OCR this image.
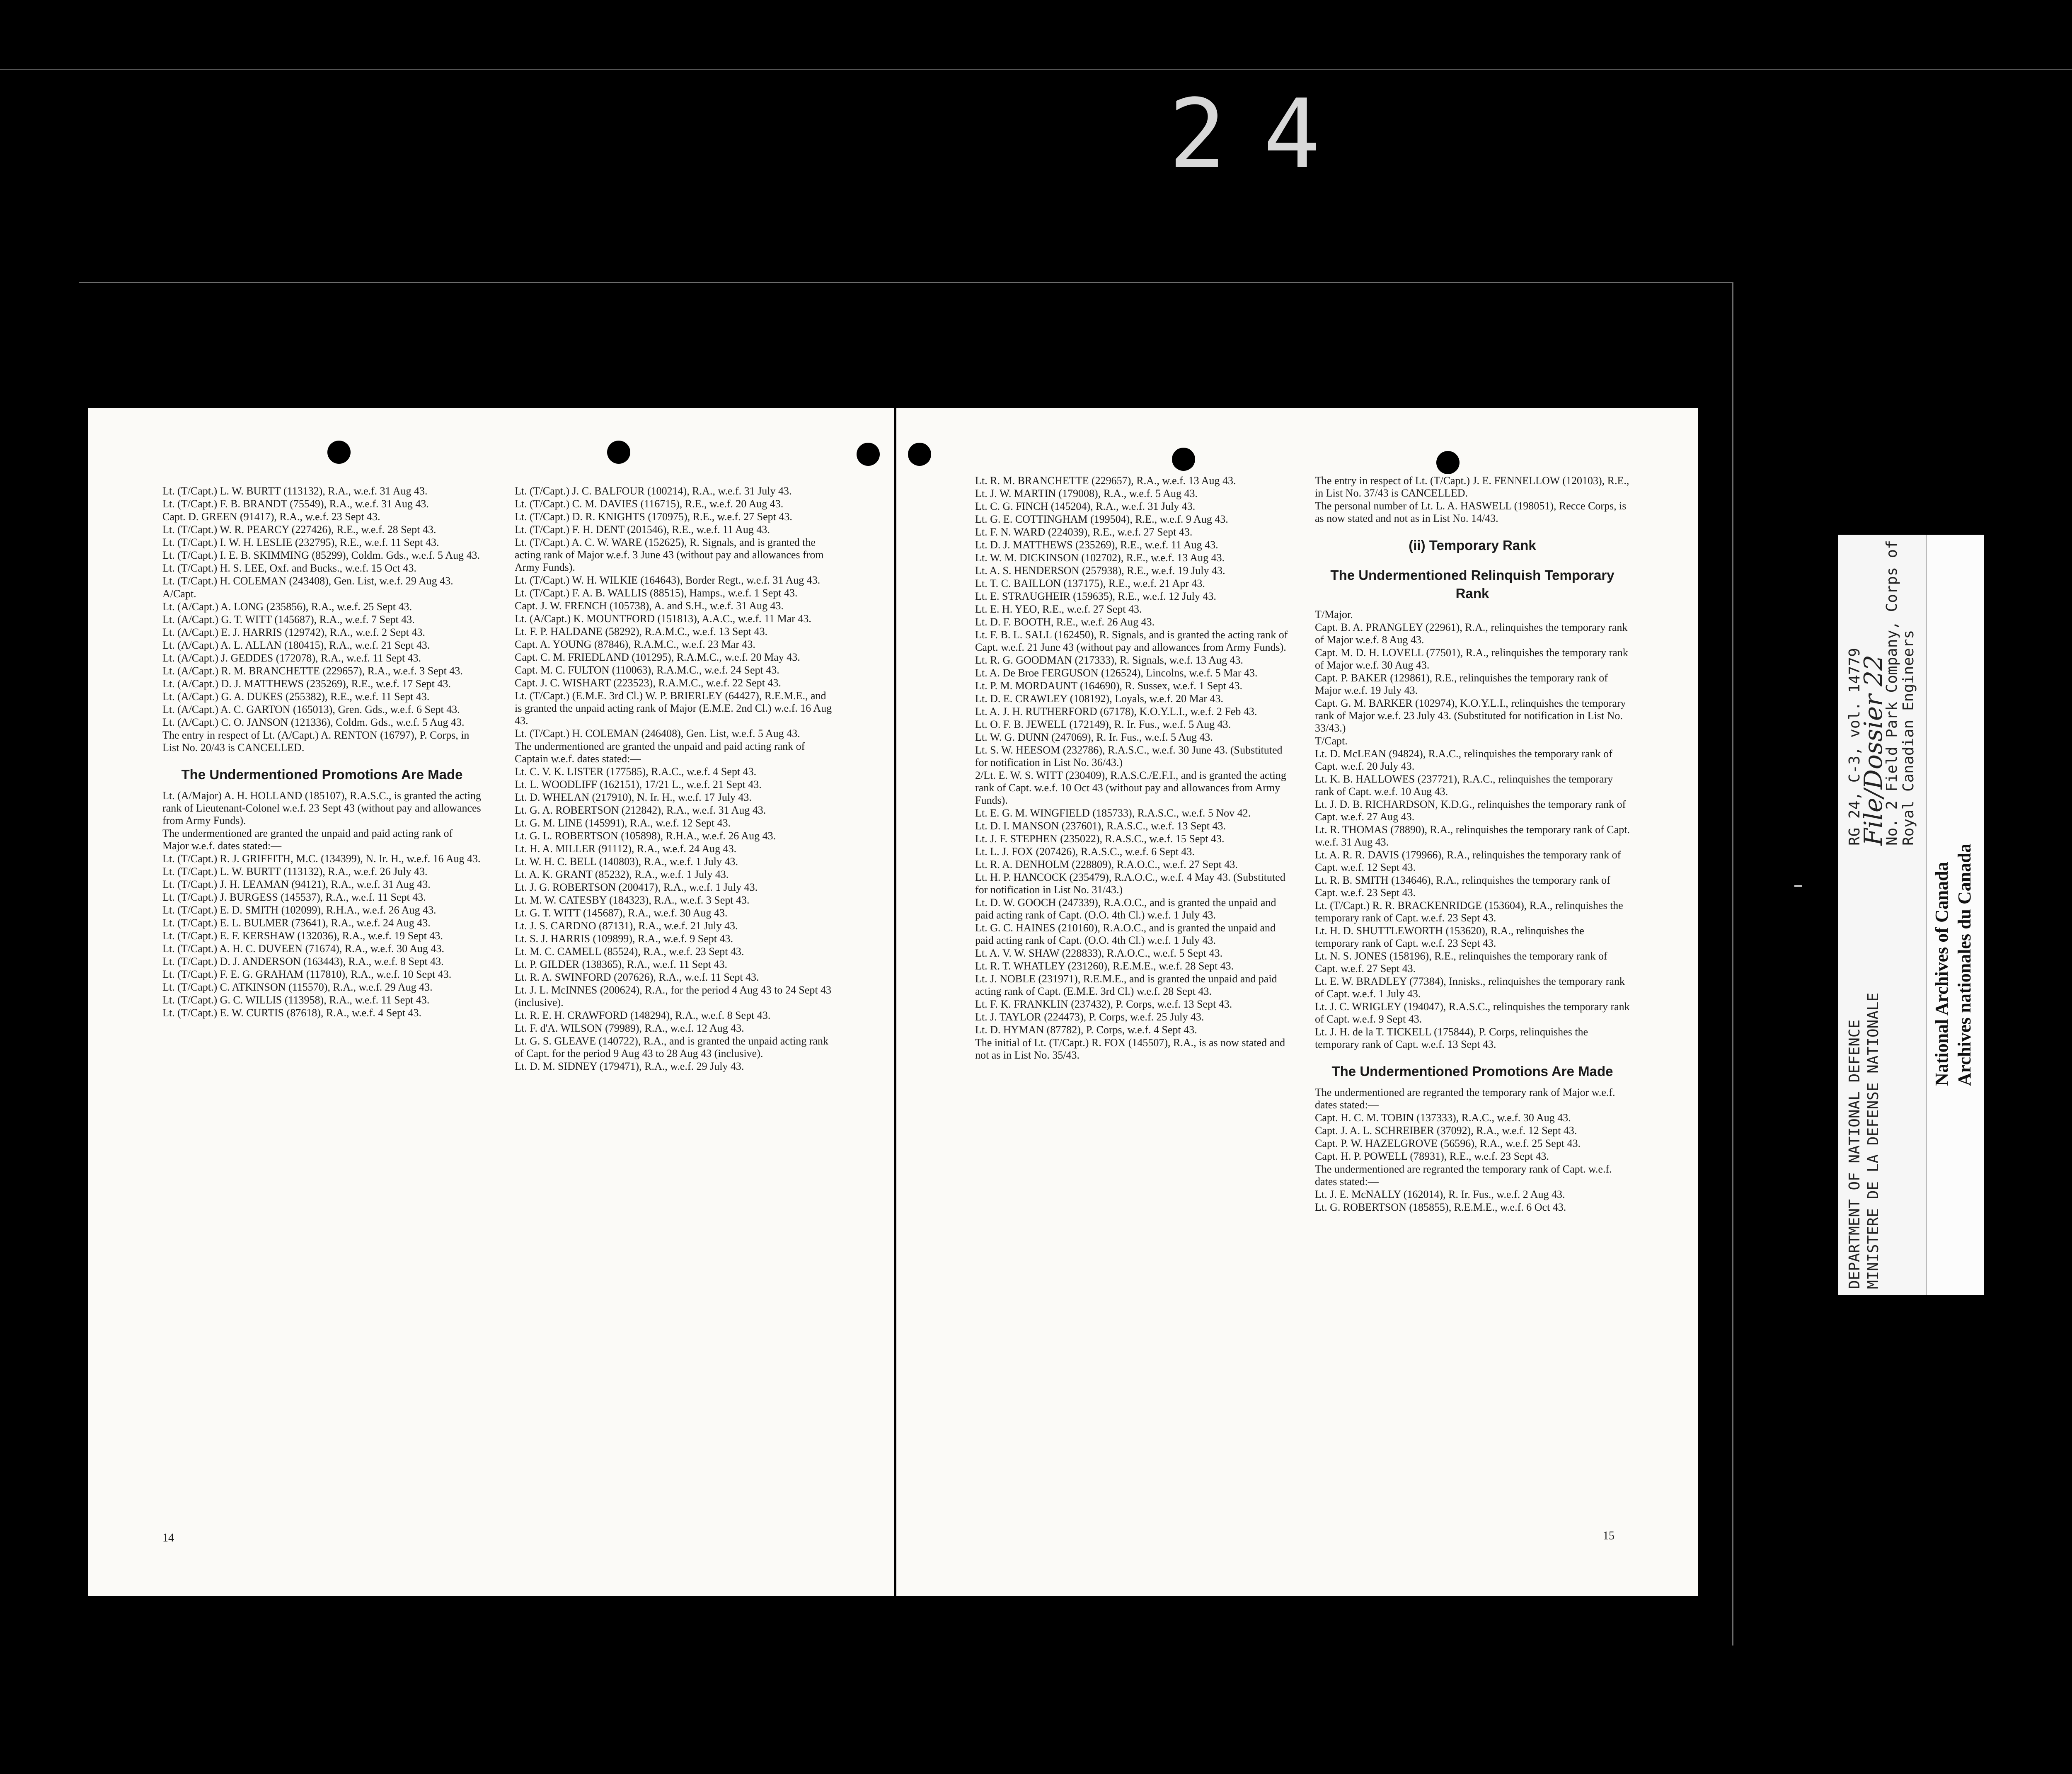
24
Lt. (T/Capt.) L. W. BURTT (113132), R.A., w.e.f. 31 Aug 43.
Lt. (T/Capt.) F. B. BRANDT (75549), R.A., w.e.f. 31 Aug 43.
Capt. D. GREEN (91417), R.A., w.e.f. 23 Sept 43.
Lt. (T/Capt.) W. R. PEARCY (227426), R.E., w.e.f. 28 Sept 43.
Lt. (T/Capt.) I. W. H. LESLIE (232795), R.E., w.e.f. 11 Sept 43.
Lt. (T/Capt.) I. E. B. SKIMMING (85299), Coldm. Gds., w.e.f. 5 Aug 43.
Lt. (T/Capt.) H. S. LEE, Oxf. and Bucks., w.e.f. 15 Oct 43.
Lt. (T/Capt.) H. COLEMAN (243408), Gen. List, w.e.f. 29 Aug 43.
A/Capt.
Lt. (A/Capt.) A. LONG (235856), R.A., w.e.f. 25 Sept 43.
Lt. (A/Capt.) G. T. WITT (145687), R.A., w.e.f. 7 Sept 43.
Lt. (A/Capt.) E. J. HARRIS (129742), R.A., w.e.f. 2 Sept 43.
Lt. (A/Capt.) A. L. ALLAN (180415), R.A., w.e.f. 21 Sept 43.
Lt. (A/Capt.) J. GEDDES (172078), R.A., w.e.f. 11 Sept 43.
Lt. (A/Capt.) R. M. BRANCHETTE (229657), R.A., w.e.f. 3 Sept 43.
Lt. (A/Capt.) D. J. MATTHEWS (235269), R.E., w.e.f. 17 Sept 43.
Lt. (A/Capt.) G. A. DUKES (255382), R.E., w.e.f. 11 Sept 43.
Lt. (A/Capt.) A. C. GARTON (165013), Gren. Gds., w.e.f. 6 Sept 43.
Lt. (A/Capt.) C. O. JANSON (121336), Coldm. Gds., w.e.f. 5 Aug 43.
The entry in respect of Lt. (A/Capt.) A. RENTON (16797), P. Corps, in List No. 20/43 is CANCELLED.
The Undermentioned Promotions Are Made
Lt. (A/Major) A. H. HOLLAND (185107), R.A.S.C., is granted the acting rank of Lieutenant-Colonel w.e.f. 23 Sept 43 (without pay and allowances from Army Funds).
The undermentioned are granted the unpaid and paid acting rank of Major w.e.f. dates stated:—
Lt. (T/Capt.) R. J. GRIFFITH, M.C. (134399), N. Ir. H., w.e.f. 16 Aug 43.
Lt. (T/Capt.) L. W. BURTT (113132), R.A., w.e.f. 26 July 43.
Lt. (T/Capt.) J. H. LEAMAN (94121), R.A., w.e.f. 31 Aug 43.
Lt. (T/Capt.) J. BURGESS (145537), R.A., w.e.f. 11 Sept 43.
Lt. (T/Capt.) E. D. SMITH (102099), R.H.A., w.e.f. 26 Aug 43.
Lt. (T/Capt.) E. L. BULMER (73641), R.A., w.e.f. 24 Aug 43.
Lt. (T/Capt.) E. F. KERSHAW (132036), R.A., w.e.f. 19 Sept 43.
Lt. (T/Capt.) A. H. C. DUVEEN (71674), R.A., w.e.f. 30 Aug 43.
Lt. (T/Capt.) D. J. ANDERSON (163443), R.A., w.e.f. 8 Sept 43.
Lt. (T/Capt.) F. E. G. GRAHAM (117810), R.A., w.e.f. 10 Sept 43.
Lt. (T/Capt.) C. ATKINSON (115570), R.A., w.e.f. 29 Aug 43.
Lt. (T/Capt.) G. C. WILLIS (113958), R.A., w.e.f. 11 Sept 43.
Lt. (T/Capt.) E. W. CURTIS (87618), R.A., w.e.f. 4 Sept 43.
Lt. (T/Capt.) J. C. BALFOUR (100214), R.A., w.e.f. 31 July 43.
Lt. (T/Capt.) C. M. DAVIES (116715), R.E., w.e.f. 20 Aug 43.
Lt. (T/Capt.) D. R. KNIGHTS (170975), R.E., w.e.f. 27 Sept 43.
Lt. (T/Capt.) F. H. DENT (201546), R.E., w.e.f. 11 Aug 43.
Lt. (T/Capt.) A. C. W. WARE (152625), R. Signals, and is granted the acting rank of Major w.e.f. 3 June 43 (without pay and allowances from Army Funds).
Lt. (T/Capt.) W. H. WILKIE (164643), Border Regt., w.e.f. 31 Aug 43.
Lt. (T/Capt.) F. A. B. WALLIS (88515), Hamps., w.e.f. 1 Sept 43.
Capt. J. W. FRENCH (105738), A. and S.H., w.e.f. 31 Aug 43.
Lt. (A/Capt.) K. MOUNTFORD (151813), A.A.C., w.e.f. 11 Mar 43.
Lt. F. P. HALDANE (58292), R.A.M.C., w.e.f. 13 Sept 43.
Capt. A. YOUNG (87846), R.A.M.C., w.e.f. 23 Mar 43.
Capt. C. M. FRIEDLAND (101295), R.A.M.C., w.e.f. 20 May 43.
Capt. M. C. FULTON (110063), R.A.M.C., w.e.f. 24 Sept 43.
Capt. J. C. WISHART (223523), R.A.M.C., w.e.f. 22 Sept 43.
Lt. (T/Capt.) (E.M.E. 3rd Cl.) W. P. BRIERLEY (64427), R.E.M.E., and is granted the unpaid acting rank of Major (E.M.E. 2nd Cl.) w.e.f. 16 Aug 43.
Lt. (T/Capt.) H. COLEMAN (246408), Gen. List, w.e.f. 5 Aug 43.
The undermentioned are granted the unpaid and paid acting rank of Captain w.e.f. dates stated:—
Lt. C. V. K. LISTER (177585), R.A.C., w.e.f. 4 Sept 43.
Lt. L. WOODLIFF (162151), 17/21 L., w.e.f. 21 Sept 43.
Lt. D. WHELAN (217910), N. Ir. H., w.e.f. 17 July 43.
Lt. G. A. ROBERTSON (212842), R.A., w.e.f. 31 Aug 43.
Lt. G. M. LINE (145991), R.A., w.e.f. 12 Sept 43.
Lt. G. L. ROBERTSON (105898), R.H.A., w.e.f. 26 Aug 43.
Lt. H. A. MILLER (91112), R.A., w.e.f. 24 Aug 43.
Lt. W. H. C. BELL (140803), R.A., w.e.f. 1 July 43.
Lt. A. K. GRANT (85232), R.A., w.e.f. 1 July 43.
Lt. J. G. ROBERTSON (200417), R.A., w.e.f. 1 July 43.
Lt. M. W. CATESBY (184323), R.A., w.e.f. 3 Sept 43.
Lt. G. T. WITT (145687), R.A., w.e.f. 30 Aug 43.
Lt. J. S. CARDNO (87131), R.A., w.e.f. 21 July 43.
Lt. S. J. HARRIS (109899), R.A., w.e.f. 9 Sept 43.
Lt. M. C. CAMELL (85524), R.A., w.e.f. 23 Sept 43.
Lt. P. GILDER (138365), R.A., w.e.f. 11 Sept 43.
Lt. R. A. SWINFORD (207626), R.A., w.e.f. 11 Sept 43.
Lt. J. L. McINNES (200624), R.A., for the period 4 Aug 43 to 24 Sept 43 (inclusive).
Lt. R. E. H. CRAWFORD (148294), R.A., w.e.f. 8 Sept 43.
Lt. F. d'A. WILSON (79989), R.A., w.e.f. 12 Aug 43.
Lt. G. S. GLEAVE (140722), R.A., and is granted the unpaid acting rank of Capt. for the period 9 Aug 43 to 28 Aug 43 (inclusive).
Lt. D. M. SIDNEY (179471), R.A., w.e.f. 29 July 43.
14
Lt. R. M. BRANCHETTE (229657), R.A., w.e.f. 13 Aug 43.
Lt. J. W. MARTIN (179008), R.A., w.e.f. 5 Aug 43.
Lt. C. G. FINCH (145204), R.A., w.e.f. 31 July 43.
Lt. G. E. COTTINGHAM (199504), R.E., w.e.f. 9 Aug 43.
Lt. F. N. WARD (224039), R.E., w.e.f. 27 Sept 43.
Lt. D. J. MATTHEWS (235269), R.E., w.e.f. 11 Aug 43.
Lt. W. M. DICKINSON (102702), R.E., w.e.f. 13 Aug 43.
Lt. A. S. HENDERSON (257938), R.E., w.e.f. 19 July 43.
Lt. T. C. BAILLON (137175), R.E., w.e.f. 21 Apr 43.
Lt. E. STRAUGHEIR (159635), R.E., w.e.f. 12 July 43.
Lt. E. H. YEO, R.E., w.e.f. 27 Sept 43.
Lt. D. F. BOOTH, R.E., w.e.f. 26 Aug 43.
Lt. F. B. L. SALL (162450), R. Signals, and is granted the acting rank of Capt. w.e.f. 21 June 43 (without pay and allowances from Army Funds).
Lt. R. G. GOODMAN (217333), R. Signals, w.e.f. 13 Aug 43.
Lt. A. De Broe FERGUSON (126524), Lincolns, w.e.f. 5 Mar 43.
Lt. P. M. MORDAUNT (164690), R. Sussex, w.e.f. 1 Sept 43.
Lt. D. E. CRAWLEY (108192), Loyals, w.e.f. 20 Mar 43.
Lt. A. J. H. RUTHERFORD (67178), K.O.Y.L.I., w.e.f. 2 Feb 43.
Lt. O. F. B. JEWELL (172149), R. Ir. Fus., w.e.f. 5 Aug 43.
Lt. W. G. DUNN (247069), R. Ir. Fus., w.e.f. 5 Aug 43.
Lt. S. W. HEESOM (232786), R.A.S.C., w.e.f. 30 June 43. (Substituted for notification in List No. 36/43.)
2/Lt. E. W. S. WITT (230409), R.A.S.C./E.F.I., and is granted the acting rank of Capt. w.e.f. 10 Oct 43 (without pay and allowances from Army Funds).
Lt. E. G. M. WINGFIELD (185733), R.A.S.C., w.e.f. 5 Nov 42.
Lt. D. I. MANSON (237601), R.A.S.C., w.e.f. 13 Sept 43.
Lt. J. F. STEPHEN (235022), R.A.S.C., w.e.f. 15 Sept 43.
Lt. L. J. FOX (207426), R.A.S.C., w.e.f. 6 Sept 43.
Lt. R. A. DENHOLM (228809), R.A.O.C., w.e.f. 27 Sept 43.
Lt. H. P. HANCOCK (235479), R.A.O.C., w.e.f. 4 May 43. (Substituted for notification in List No. 31/43.)
Lt. D. W. GOOCH (247339), R.A.O.C., and is granted the unpaid and paid acting rank of Capt. (O.O. 4th Cl.) w.e.f. 1 July 43.
Lt. G. C. HAINES (210160), R.A.O.C., and is granted the unpaid and paid acting rank of Capt. (O.O. 4th Cl.) w.e.f. 1 July 43.
Lt. A. V. W. SHAW (228833), R.A.O.C., w.e.f. 5 Sept 43.
Lt. R. T. WHATLEY (231260), R.E.M.E., w.e.f. 28 Sept 43.
Lt. J. NOBLE (231971), R.E.M.E., and is granted the unpaid and paid acting rank of Capt. (E.M.E. 3rd Cl.) w.e.f. 28 Sept 43.
Lt. F. K. FRANKLIN (237432), P. Corps, w.e.f. 13 Sept 43.
Lt. J. TAYLOR (224473), P. Corps, w.e.f. 25 July 43.
Lt. D. HYMAN (87782), P. Corps, w.e.f. 4 Sept 43.
The initial of Lt. (T/Capt.) R. FOX (145507), R.A., is as now stated and not as in List No. 35/43.
The entry in respect of Lt. (T/Capt.) J. E. FENNELLOW (120103), R.E., in List No. 37/43 is CANCELLED.
The personal number of Lt. L. A. HASWELL (198051), Recce Corps, is as now stated and not as in List No. 14/43.
(ii) Temporary Rank
The Undermentioned Relinquish Temporary Rank
T/Major.
Capt. B. A. PRANGLEY (22961), R.A., relinquishes the temporary rank of Major w.e.f. 8 Aug 43.
Capt. M. D. H. LOVELL (77501), R.A., relinquishes the temporary rank of Major w.e.f. 30 Aug 43.
Capt. P. BAKER (129861), R.E., relinquishes the temporary rank of Major w.e.f. 19 July 43.
Capt. G. M. BARKER (102974), K.O.Y.L.I., relinquishes the temporary rank of Major w.e.f. 23 July 43. (Substituted for notification in List No. 33/43.)
T/Capt.
Lt. D. McLEAN (94824), R.A.C., relinquishes the temporary rank of Capt. w.e.f. 20 July 43.
Lt. K. B. HALLOWES (237721), R.A.C., relinquishes the temporary rank of Capt. w.e.f. 10 Aug 43.
Lt. J. D. B. RICHARDSON, K.D.G., relinquishes the temporary rank of Capt. w.e.f. 27 Aug 43.
Lt. R. THOMAS (78890), R.A., relinquishes the temporary rank of Capt. w.e.f. 31 Aug 43.
Lt. A. R. R. DAVIS (179966), R.A., relinquishes the temporary rank of Capt. w.e.f. 12 Sept 43.
Lt. R. B. SMITH (134646), R.A., relinquishes the temporary rank of Capt. w.e.f. 23 Sept 43.
Lt. (T/Capt.) R. R. BRACKENRIDGE (153604), R.A., relinquishes the temporary rank of Capt. w.e.f. 23 Sept 43.
Lt. H. D. SHUTTLEWORTH (153620), R.A., relinquishes the temporary rank of Capt. w.e.f. 23 Sept 43.
Lt. N. S. JONES (158196), R.E., relinquishes the temporary rank of Capt. w.e.f. 27 Sept 43.
Lt. E. W. BRADLEY (77384), Innisks., relinquishes the temporary rank of Capt. w.e.f. 1 July 43.
Lt. J. C. WRIGLEY (194047), R.A.S.C., relinquishes the temporary rank of Capt. w.e.f. 9 Sept 43.
Lt. J. H. de la T. TICKELL (175844), P. Corps, relinquishes the temporary rank of Capt. w.e.f. 13 Sept 43.
The Undermentioned Promotions Are Made
The undermentioned are regranted the temporary rank of Major w.e.f. dates stated:—
Capt. H. C. M. TOBIN (137333), R.A.C., w.e.f. 30 Aug 43.
Capt. J. A. L. SCHREIBER (37092), R.A., w.e.f. 12 Sept 43.
Capt. P. W. HAZELGROVE (56596), R.A., w.e.f. 25 Sept 43.
Capt. H. P. POWELL (78931), R.E., w.e.f. 23 Sept 43.
The undermentioned are regranted the temporary rank of Capt. w.e.f. dates stated:—
Lt. J. E. McNALLY (162014), R. Ir. Fus., w.e.f. 2 Aug 43.
Lt. G. ROBERTSON (185855), R.E.M.E., w.e.f. 6 Oct 43.
15
DEPARTMENT OF NATIONAL DEFENCE MINISTERE DE LA DEFENSE NATIONALE
RG 24, C-3, vol. 14779
File/Dossier 22
No. 2 Field Park Company, Corps of Royal Canadian Engineers
National Archives of Canada Archives nationales du Canada
